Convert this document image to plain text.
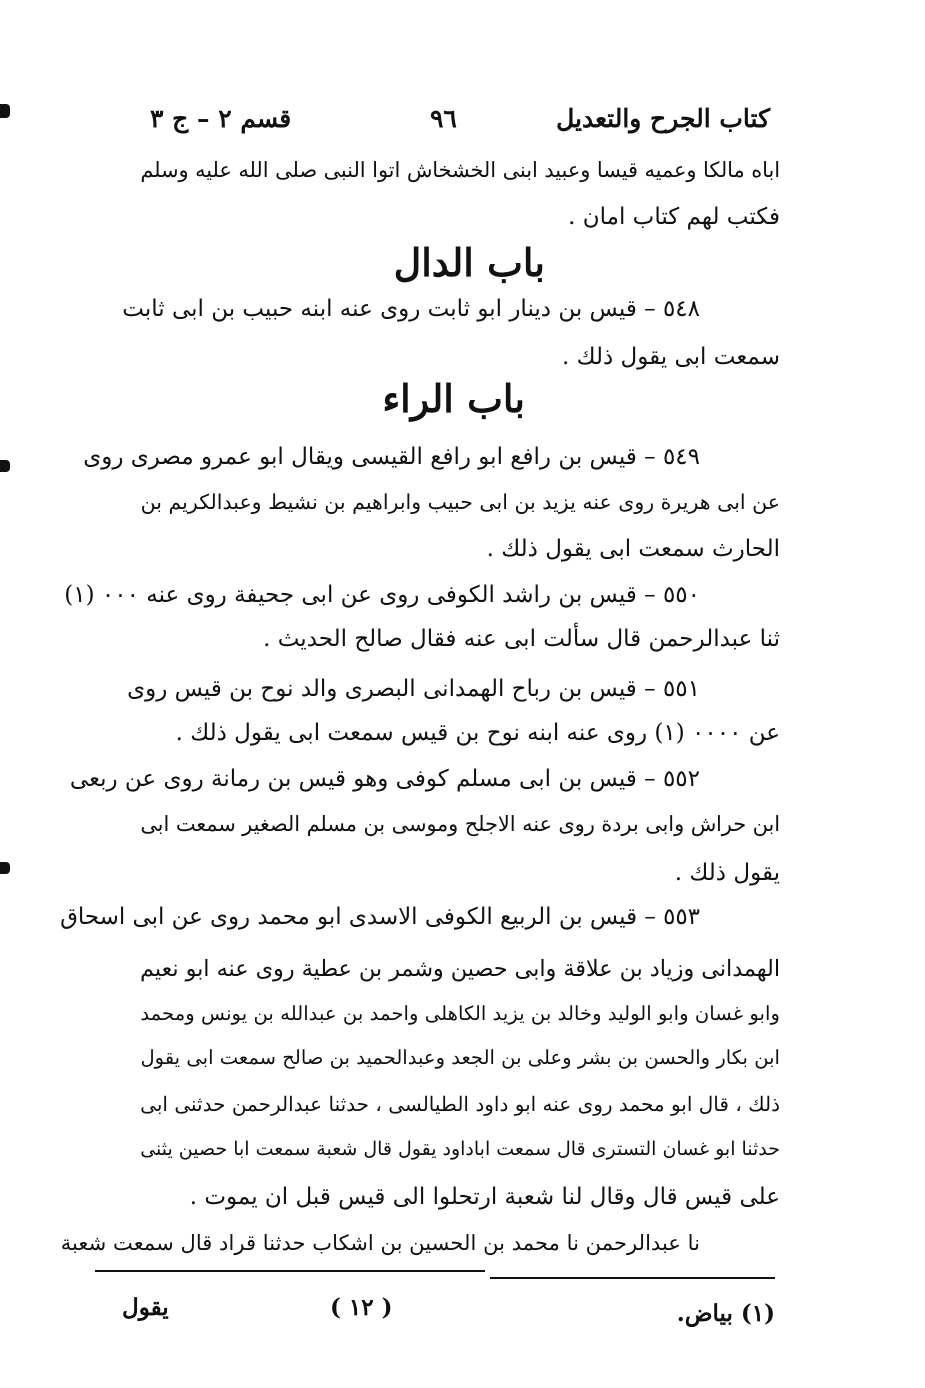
كتاب الجرح والتعديل
٩٦
قسم ٢ – ج ٣
اباه مالكا وعميه قيسا وعبيد ابنى الخشخاش اتوا النبى صلى الله عليه وسلم
فكتب لهم كتاب امان .
باب الدال
٥٤٨ – قيس بن دينار ابو ثابت روى عنه ابنه حبيب بن ابى ثابت
سمعت ابى يقول ذلك .
باب الراء
٥٤٩ – قيس بن رافع ابو رافع القيسى ويقال ابو عمرو مصرى روى
عن ابى هريرة روى عنه يزيد بن ابى حبيب وابراهيم بن نشيط وعبدالكريم بن
الحارث سمعت ابى يقول ذلك .
٥٥٠ – قيس بن راشد الكوفى روى عن ابى جحيفة روى عنه ٠٠٠ (١)
ثنا عبدالرحمن قال سألت ابى عنه فقال صالح الحديث .
٥٥١ – قيس بن رباح الهمدانى البصرى والد نوح بن قيس روى
عن ٠٠٠٠ (١) روى عنه ابنه نوح بن قيس سمعت ابى يقول ذلك .
٥٥٢ – قيس بن ابى مسلم كوفى وهو قيس بن رمانة روى عن ربعى
ابن حراش وابى بردة روى عنه الاجلح وموسى بن مسلم الصغير سمعت ابى
يقول ذلك .
٥٥٣ – قيس بن الربيع الكوفى الاسدى ابو محمد روى عن ابى اسحاق
الهمدانى وزياد بن علاقة وابى حصين وشمر بن عطية روى عنه ابو نعيم
وابو غسان وابو الوليد وخالد بن يزيد الكاهلى واحمد بن عبدالله بن يونس ومحمد
ابن بكار والحسن بن بشر وعلى بن الجعد وعبدالحميد بن صالح سمعت ابى يقول
ذلك ، قال ابو محمد روى عنه ابو داود الطيالسى ، حدثنا عبدالرحمن حدثنى ابى
حدثنا ابو غسان التسترى قال سمعت اباداود يقول قال شعبة سمعت ابا حصين يثنى
على قيس قال وقال لنا شعبة ارتحلوا الى قيس قبل ان يموت .
نا عبدالرحمن نا محمد بن الحسين بن اشكاب حدثنا قراد قال سمعت شعبة
(١) بياض.
( ١٢ )
يقول
